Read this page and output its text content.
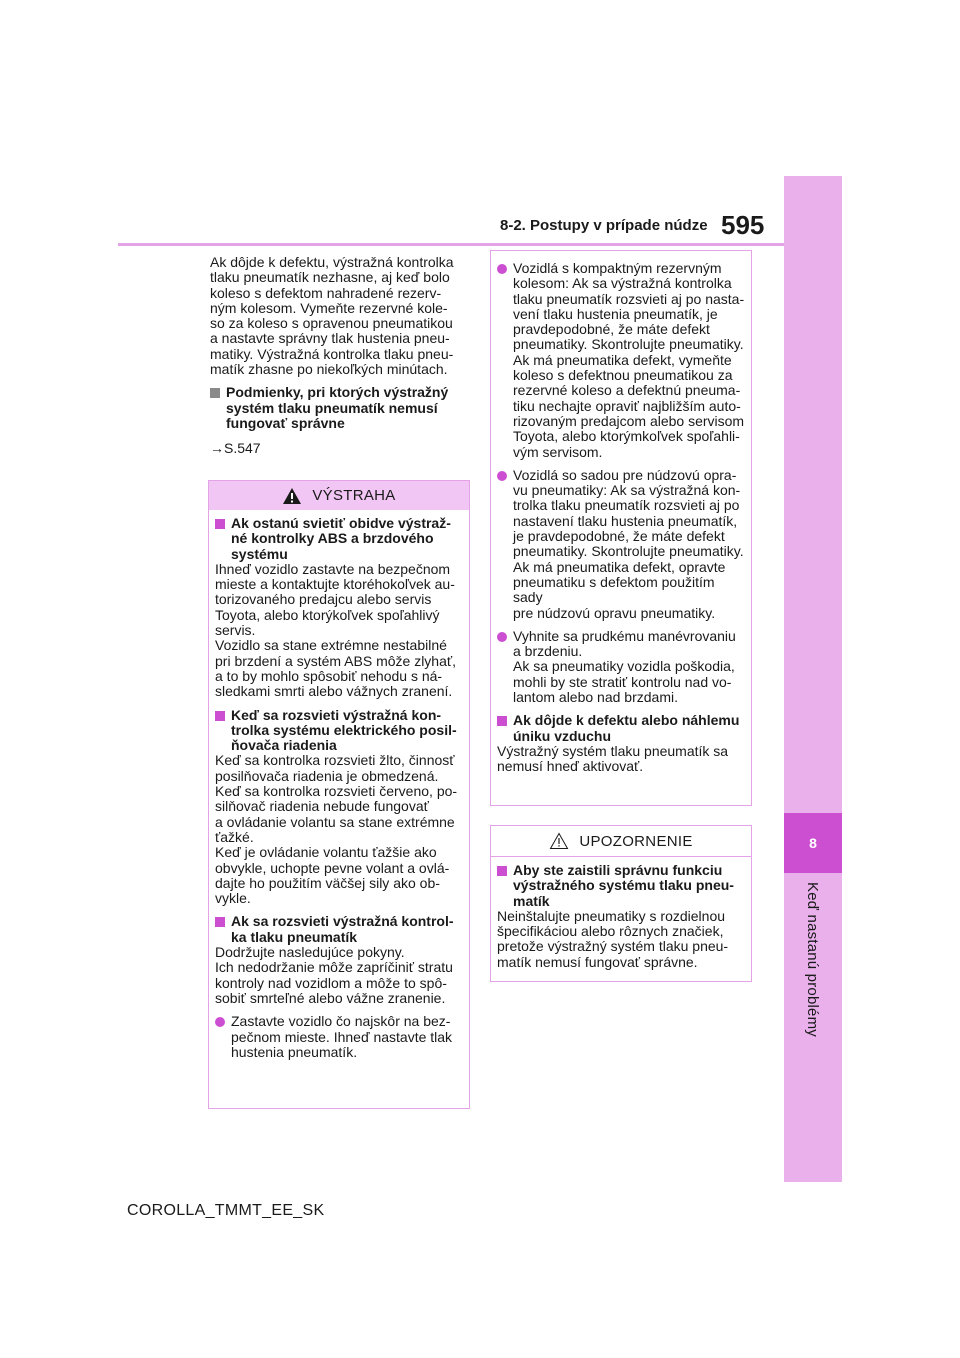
8
Keď nastanú problémy
8-2. Postupy v prípade núdze 595

Ak dôjde k defektu, výstražná kontrolka
tlaku pneumatík nezhasne, aj keď bolo
koleso s defektom nahradené rezerv-
ným kolesom. Vymeňte rezervné kole-
so za koleso s opravenou pneumatikou
a nastavte správny tlak hustenia pneu-
matiky. Výstražná kontrolka tlaku pneu-
matík zhasne po niekoľkých minútach.

Podmienky, pri ktorých výstražný
systém tlaku pneumatík nemusí
fungovať správne

→S.547

VÝSTRAHA
Ak ostanú svietiť obidve výstraž-
né kontrolky ABS a brzdového
systému

Ihneď vozidlo zastavte na bezpečnom
mieste a kontaktujte ktoréhokoľvek au-
torizovaného predajcu alebo servis
Toyota, alebo ktorýkoľvek spoľahlivý
servis.
Vozidlo sa stane extrémne nestabilné
pri brzdení a systém ABS môže zlyhať,
a to by mohlo spôsobiť nehodu s ná-
sledkami smrti alebo vážnych zranení.

Keď sa rozsvieti výstražná kon-
trolka systému elektrického posil-
ňovača riadenia

Keď sa kontrolka rozsvieti žlto, činnosť
posilňovača riadenia je obmedzená.
Keď sa kontrolka rozsvieti červeno, po-
silňovač riadenia nebude fungovať
a ovládanie volantu sa stane extrémne
ťažké.
Keď je ovládanie volantu ťažšie ako
obvykle, uchopte pevne volant a ovlá-
dajte ho použitím väčšej sily ako ob-
vykle.

Ak sa rozsvieti výstražná kontrol-
ka tlaku pneumatík

Dodržujte nasledujúce pokyny.
Ich nedodržanie môže zapríčiniť stratu
kontroly nad vozidlom a môže to spô-
sobiť smrteľné alebo vážne zranenie.

Zastavte vozidlo čo najskôr na bez-
pečnom mieste. Ihneď nastavte tlak
hustenia pneumatík.
Vozidlá s kompaktným rezervným
kolesom: Ak sa výstražná kontrolka
tlaku pneumatík rozsvieti aj po nasta-
vení tlaku hustenia pneumatík, je
pravdepodobné, že máte defekt
pneumatiky. Skontrolujte pneumatiky.
Ak má pneumatika defekt, vymeňte
koleso s defektnou pneumatikou za
rezervné koleso a defektnú pneuma-
tiku nechajte opraviť najbližším auto-
rizovaným predajcom alebo servisom
Toyota, alebo ktorýmkoľvek spoľahli-
vým servisom.
Vozidlá so sadou pre núdzovú opra-
vu pneumatiky: Ak sa výstražná kon-
trolka tlaku pneumatík rozsvieti aj po
nastavení tlaku hustenia pneumatík,
je pravdepodobné, že máte defekt
pneumatiky. Skontrolujte pneumatiky.
Ak má pneumatika defekt, opravte
pneumatiku s defektom použitím sady
pre núdzovú opravu pneumatiky.
Vyhnite sa prudkému manévrovaniu
a brzdeniu.
Ak sa pneumatiky vozidla poškodia,
mohli by ste stratiť kontrolu nad vo-
lantom alebo nad brzdami.
Ak dôjde k defektu alebo náhlemu
úniku vzduchu

Výstražný systém tlaku pneumatík sa
nemusí hneď aktivovať.

UPOZORNENIE
Aby ste zaistili správnu funkciu
výstražného systému tlaku pneu-
matík

Neinštalujte pneumatiky s rozdielnou
špecifikáciou alebo rôznych značiek,
pretože výstražný systém tlaku pneu-
matík nemusí fungovať správne.

COROLLA_TMMT_EE_SK
